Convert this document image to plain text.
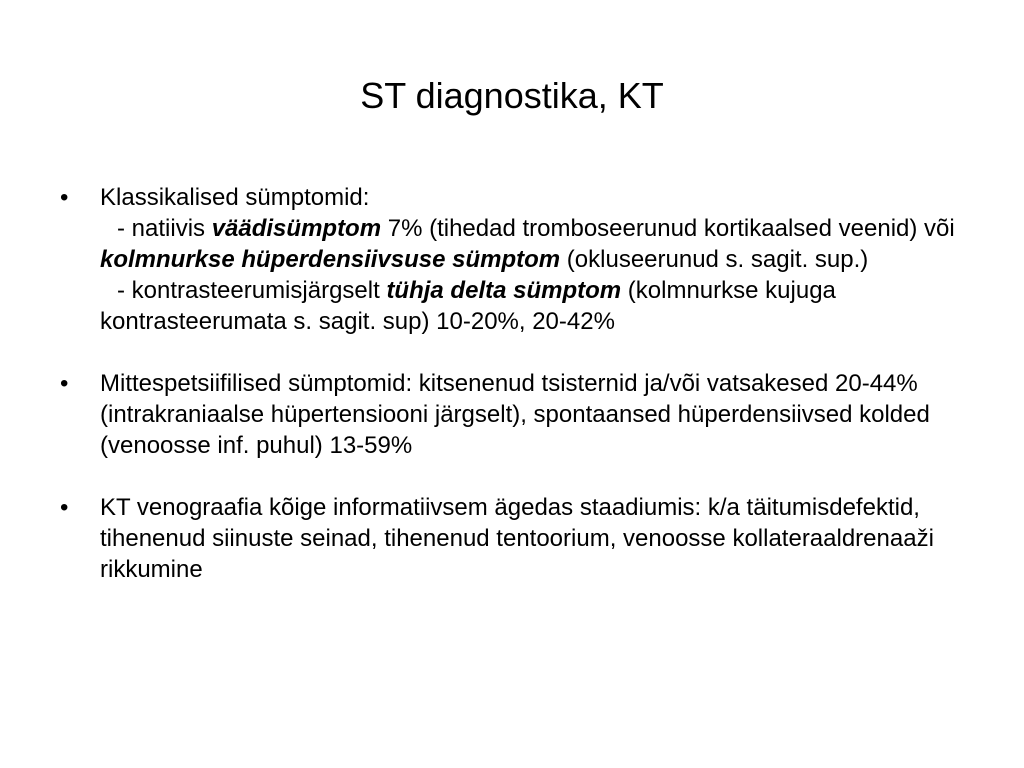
ST diagnostika, KT
•	Klassikalised sümptomid:
- natiivis väädisümptom 7% (tihedad tromboseerunud kortikaalsed veenid) või kolmnurkse hüperdensiivsuse sümptom (okluseerunud s. sagit. sup.)
- kontrasteerumisjärgselt tühja delta sümptom (kolmnurkse kujuga kontrasteerumata s. sagit. sup) 10-20%, 20-42%
•	Mittespetsiifilised sümptomid: kitsenenud tsisternid ja/või vatsakesed 20-44% (intrakraniaalse hüpertensiooni järgselt), spontaansed hüperdensiivsed kolded (venoosse inf. puhul) 13-59%
•	KT venograafia kõige informatiivsem ägedas staadiumis: k/a täitumisdefektid, tihenenud siinuste seinad, tihenenud tentoorium, venoosse kollateraaldrenaaži rikkumine
